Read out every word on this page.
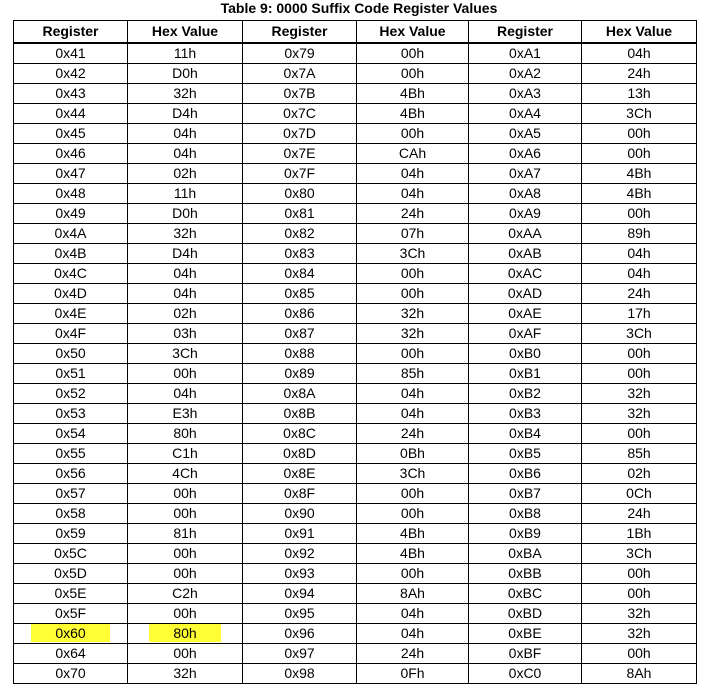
Table 9: 0000 Suffix Code Register Values
Register	Hex Value	Register	Hex Value	Register	Hex Value
0x41	11h	0x79	00h	0xA1	04h
0x42	D0h	0x7A	00h	0xA2	24h
0x43	32h	0x7B	4Bh	0xA3	13h
0x44	D4h	0x7C	4Bh	0xA4	3Ch
0x45	04h	0x7D	00h	0xA5	00h
0x46	04h	0x7E	CAh	0xA6	00h
0x47	02h	0x7F	04h	0xA7	4Bh
0x48	11h	0x80	04h	0xA8	4Bh
0x49	D0h	0x81	24h	0xA9	00h
0x4A	32h	0x82	07h	0xAA	89h
0x4B	D4h	0x83	3Ch	0xAB	04h
0x4C	04h	0x84	00h	0xAC	04h
0x4D	04h	0x85	00h	0xAD	24h
0x4E	02h	0x86	32h	0xAE	17h
0x4F	03h	0x87	32h	0xAF	3Ch
0x50	3Ch	0x88	00h	0xB0	00h
0x51	00h	0x89	85h	0xB1	00h
0x52	04h	0x8A	04h	0xB2	32h
0x53	E3h	0x8B	04h	0xB3	32h
0x54	80h	0x8C	24h	0xB4	00h
0x55	C1h	0x8D	0Bh	0xB5	85h
0x56	4Ch	0x8E	3Ch	0xB6	02h
0x57	00h	0x8F	00h	0xB7	0Ch
0x58	00h	0x90	00h	0xB8	24h
0x59	81h	0x91	4Bh	0xB9	1Bh
0x5C	00h	0x92	4Bh	0xBA	3Ch
0x5D	00h	0x93	00h	0xBB	00h
0x5E	C2h	0x94	8Ah	0xBC	00h
0x5F	00h	0x95	04h	0xBD	32h
0x60	80h	0x96	04h	0xBE	32h
0x64	00h	0x97	24h	0xBF	00h
0x70	32h	0x98	0Fh	0xC0	8Ah
